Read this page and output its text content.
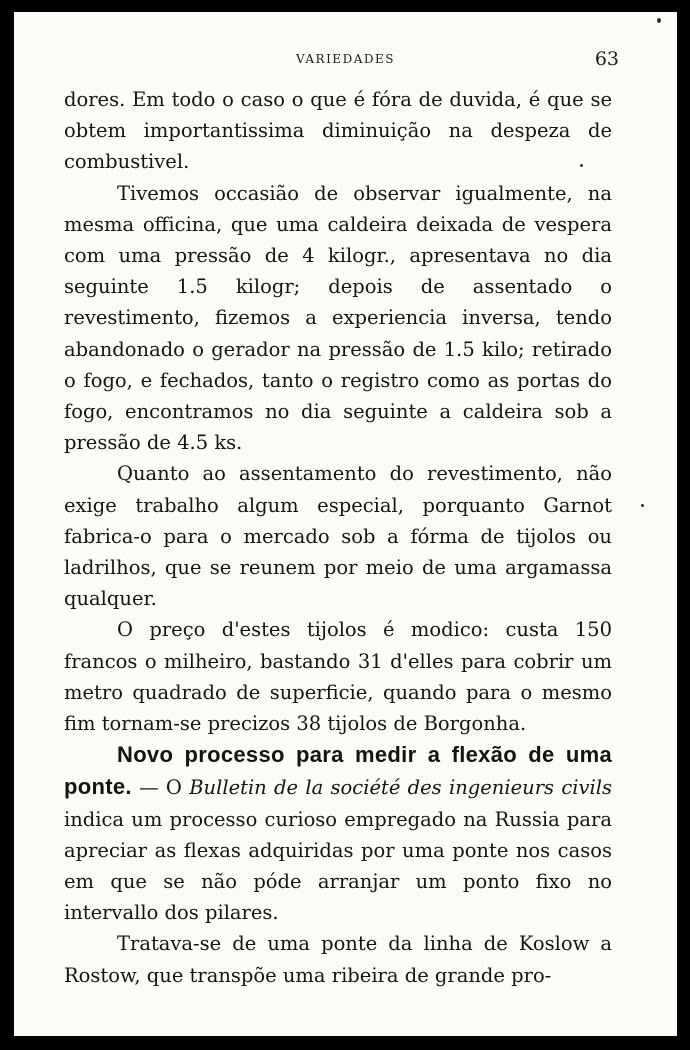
VARIEDADES	63

dores. Em todo o caso o que é fóra de duvida, é que se obtem importantissima diminuição na despeza de combustivel.

Tivemos occasião de observar igualmente, na mesma officina, que uma caldeira deixada de vespera com uma pressão de 4 kilogr., apresentava no dia seguinte 1.5 kilogr; depois de assentado o revestimento, fizemos a experiencia inversa, tendo abandonado o gerador na pressão de 1.5 kilo; retirado o fogo, e fechados, tanto o registro como as portas do fogo, encontramos no dia seguinte a caldeira sob a pressão de 4.5 ks.

Quanto ao assentamento do revestimento, não exige trabalho algum especial, porquanto Garnot fabrica-o para o mercado sob a fórma de tijolos ou ladrilhos, que se reunem por meio de uma argamassa qualquer.

O preço d'estes tijolos é modico: custa 150 francos o milheiro, bastando 31 d'elles para cobrir um metro quadrado de superficie, quando para o mesmo fim tornam-se precizos 38 tijolos de Borgonha.

Novo processo para medir a flexão de uma ponte. — O Bulletin de la société des ingenieurs civils indica um processo curioso empregado na Russia para apreciar as flexas adquiridas por uma ponte nos casos em que se não póde arranjar um ponto fixo no intervallo dos pilares.

Tratava-se de uma ponte da linha de Koslow a Rostow, que transpõe uma ribeira de grande pro-
